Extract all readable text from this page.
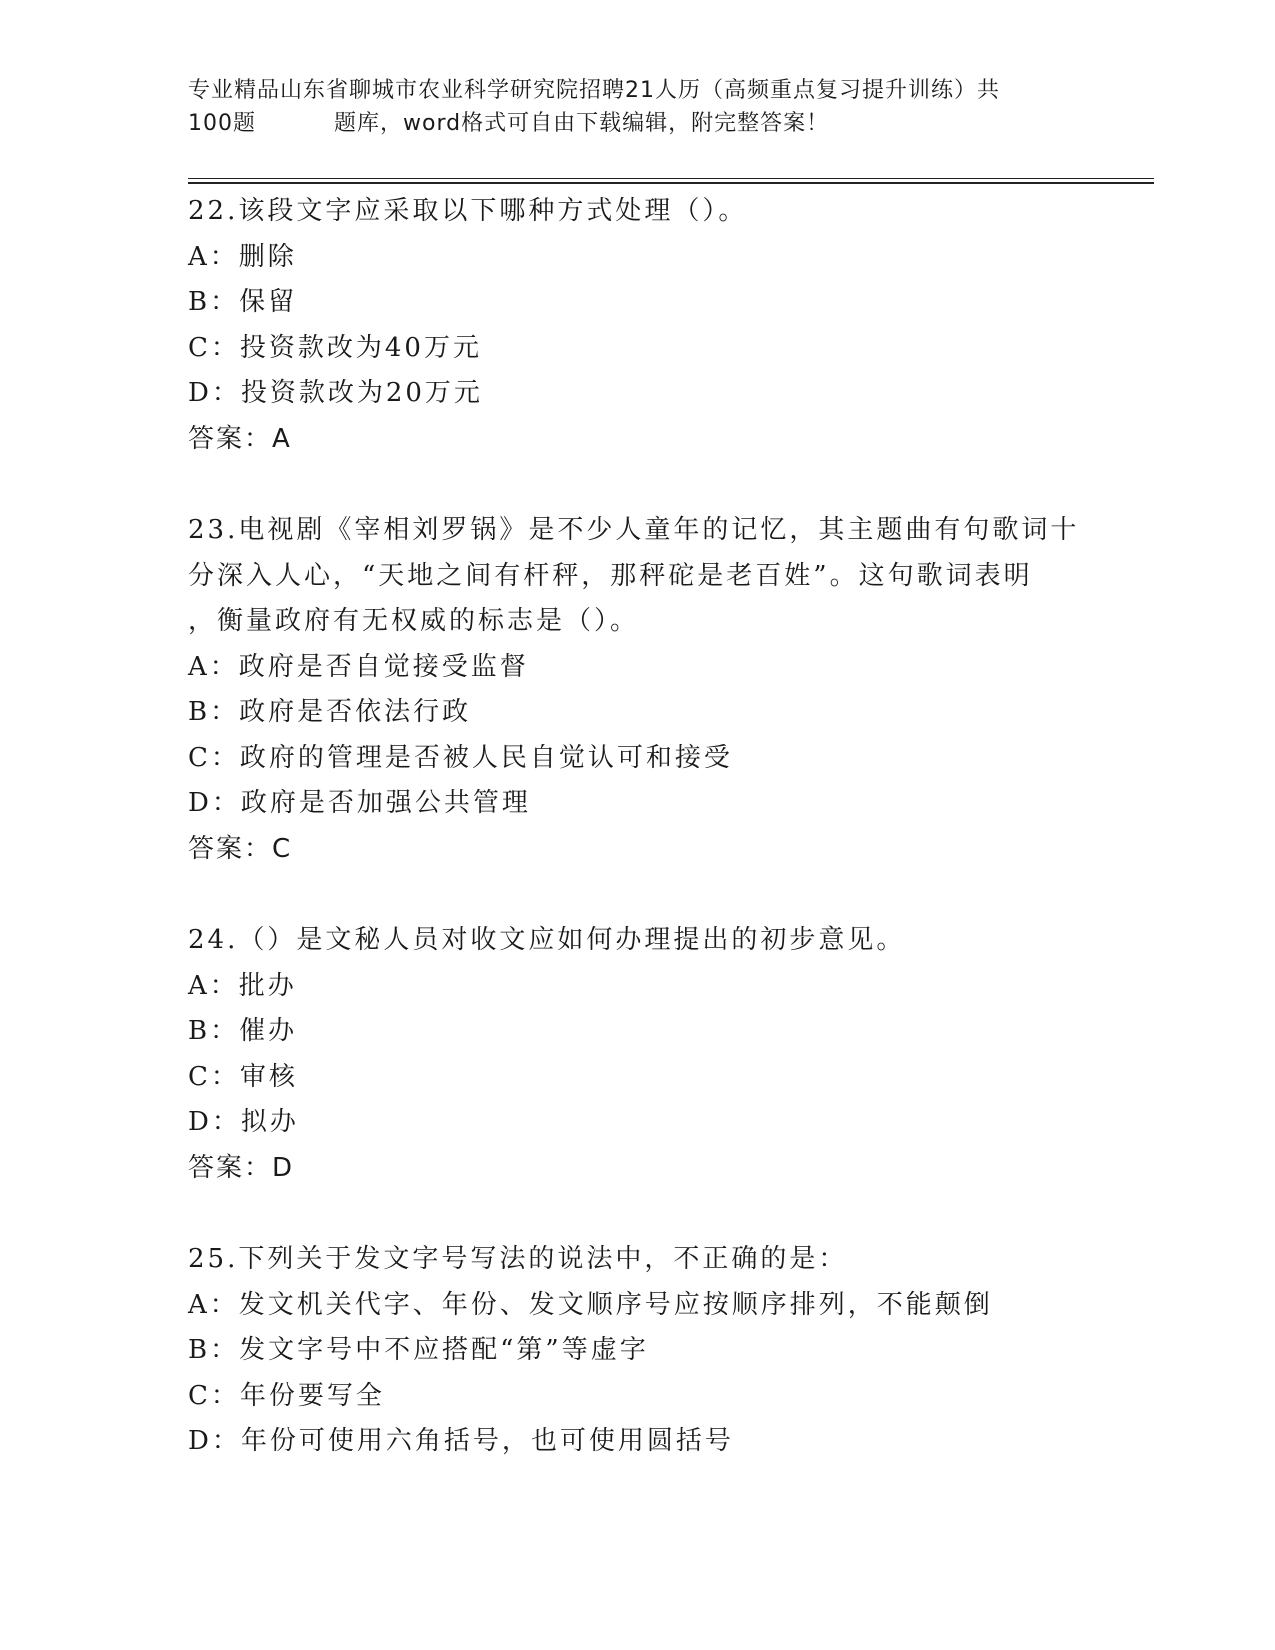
专业精品山东省聊城市农业科学研究院招聘21人历（高频重点复习提升训练）共
100题	题库，word格式可自由下载编辑，附完整答案！

22.该段文字应采取以下哪种方式处理（）。

A：删除

B：保留

C：投资款改为40万元

D：投资款改为20万元

答案：A

23.电视剧《宰相刘罗锅》是不少人童年的记忆，其主题曲有句歌词十

分深入人心，“天地之间有杆秤，那秤砣是老百姓”。这句歌词表明

，衡量政府有无权威的标志是（）。

A：政府是否自觉接受监督

B：政府是否依法行政

C：政府的管理是否被人民自觉认可和接受

D：政府是否加强公共管理

答案：C

24.（）是文秘人员对收文应如何办理提出的初步意见。

A：批办

B：催办

C：审核

D：拟办

答案：D

25.下列关于发文字号写法的说法中，不正确的是：

A：发文机关代字、年份、发文顺序号应按顺序排列，不能颠倒

B：发文字号中不应搭配“第”等虚字

C：年份要写全

D：年份可使用六角括号，也可使用圆括号
